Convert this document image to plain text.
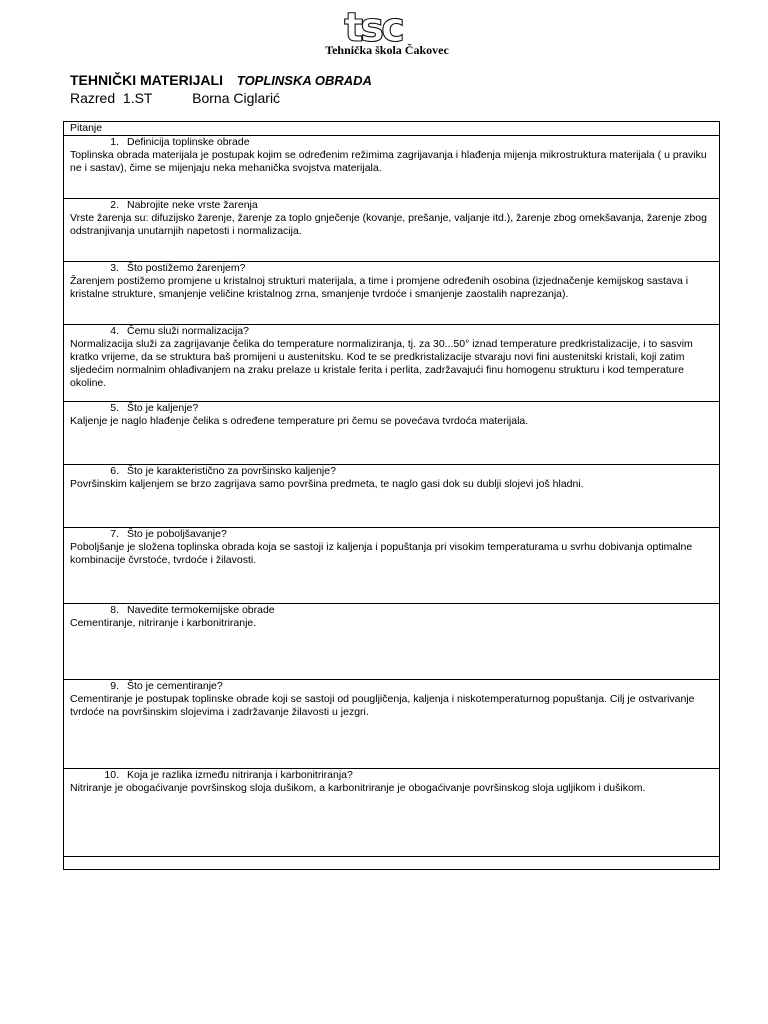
tsc
Tehnička škola Čakovec
TEHNIČKI MATERIJALI TOPLINSKA OBRADA
Razred  1.ST	Borna Ciglarić
Pitanje

1. Definicija toplinske obrade
Toplinska obrada materijala je postupak kojim se određenim režimima zagrijavanja i hlađenja mijenja mikrostruktura materijala ( u praviku ne i sastav), čime se mijenjaju neka mehanička svojstva materijala.

2. Nabrojite neke vrste žarenja
Vrste žarenja su: difuzijsko žarenje, žarenje za toplo gnječenje (kovanje, prešanje, valjanje itd.), žarenje zbog omekšavanja, žarenje zbog odstranjivanja unutarnjih napetosti i normalizacija.

3. Što postižemo žarenjem?
Žarenjem postižemo promjene u kristalnoj strukturi materijala, a time i promjene određenih osobina (izjednačenje kemijskog sastava i kristalne strukture, smanjenje veličine kristalnog zrna, smanjenje tvrdoće i smanjenje zaostalih naprezanja).

4. Čemu služi normalizacija?
Normalizacija služi za zagrijavanje čelika do temperature normaliziranja, tj. za 30...50° iznad temperature predkristalizacije, i to sasvim kratko vrijeme, da se struktura baš promijeni u austenitsku. Kod te se predkristalizacije stvaraju novi fini austenitski kristali, koji zatim sljedećim normalnim ohlađivanjem na zraku prelaze u kristale ferita i perlita, zadržavajući finu homogenu strukturu i kod temperature okoline.

5. Što je kaljenje?
Kaljenje je naglo hlađenje čelika s određene temperature pri čemu se povećava tvrdoća materijala.

6. Što je karakteristično za površinsko kaljenje?
Površinskim kaljenjem se brzo zagrijava samo površina predmeta, te naglo gasi dok su dublji slojevi još hladni.

7. Što je poboljšavanje?
Poboljšanje je složena toplinska obrada koja se sastoji iz kaljenja i popuštanja pri visokim temperaturama u svrhu dobivanja optimalne kombinacije čvrstoće, tvrdoće i žilavosti.

8. Navedite termokemijske obrade
Cementiranje, nitriranje i karbonitriranje.

9. Što je cementiranje?
Cementiranje je postupak toplinske obrade koji se sastoji od pougljičenja, kaljenja i niskotemperaturnog popuštanja. Cilj je ostvarivanje tvrdoće na površinskim slojevima i zadržavanje žilavosti u jezgri.

10. Koja je razlika između nitriranja i karbonitriranja?
Nitriranje je obogaćivanje površinskog sloja dušikom, a karbonitriranje je obogaćivanje površinskog sloja ugljikom i dušikom.
